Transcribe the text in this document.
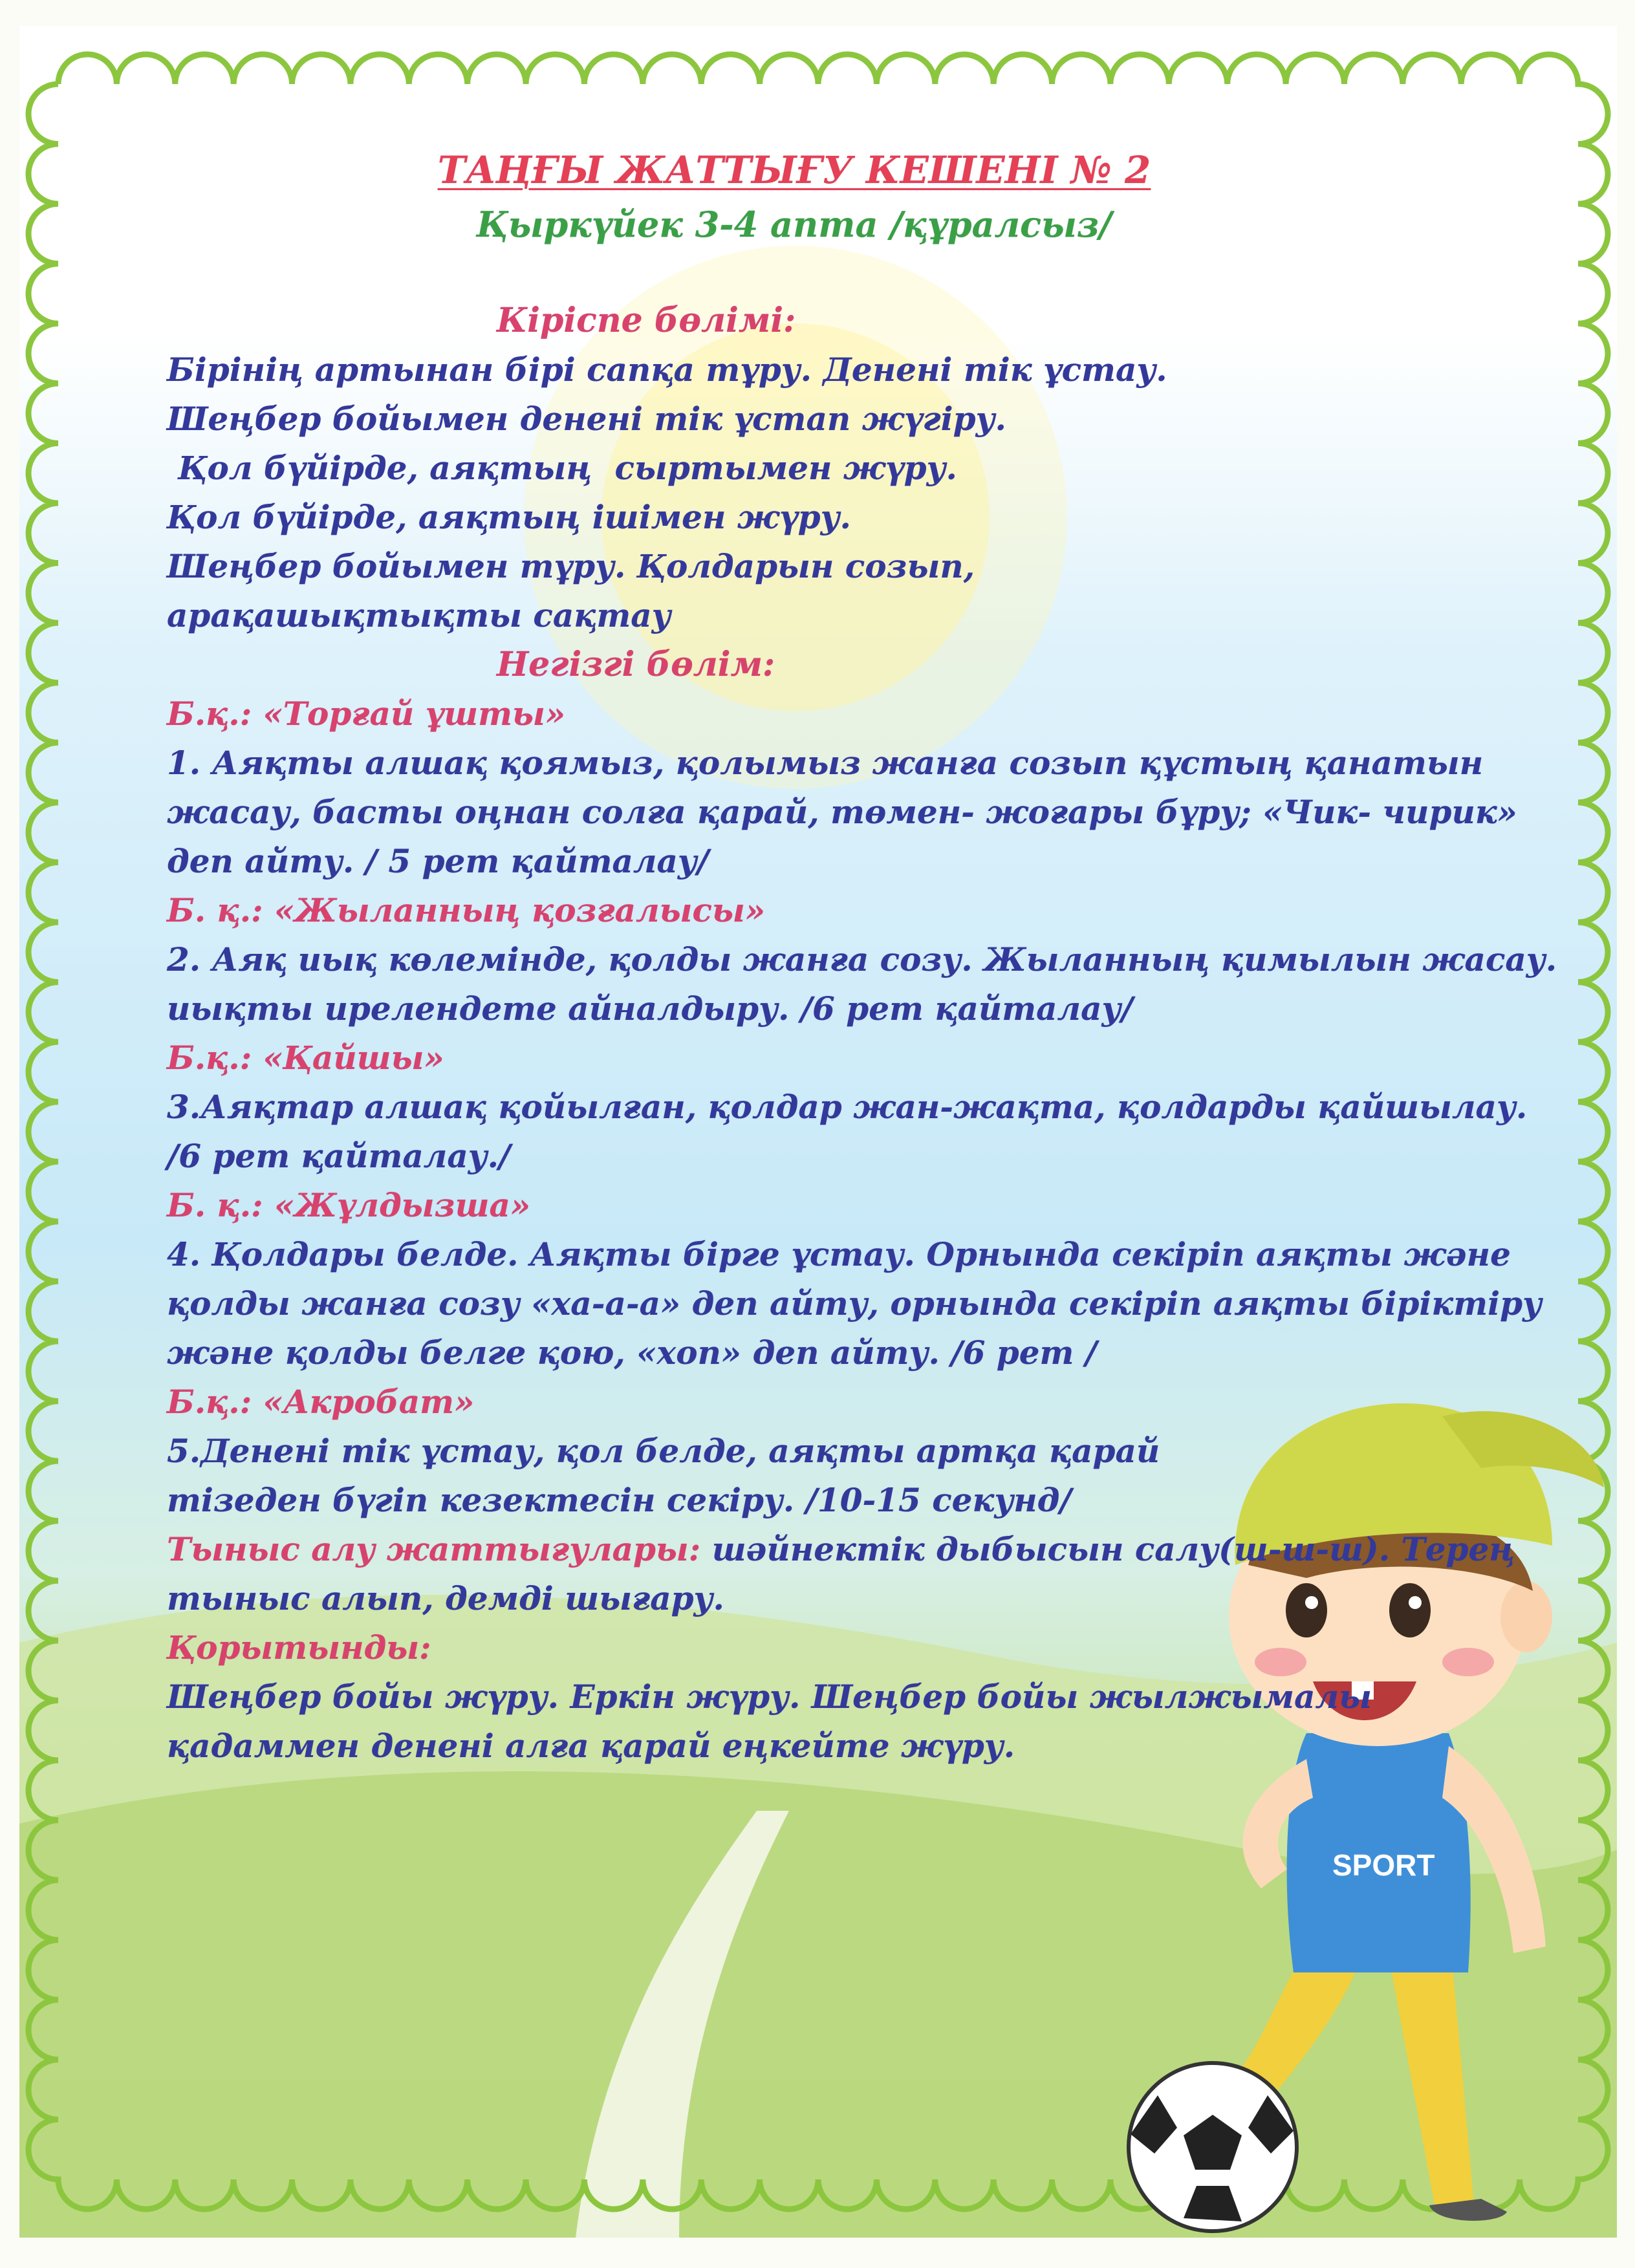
SPORT
ТАҢҒЫ ЖАТТЫҒУ КЕШЕНІ № 2
Қыркүйек 3-4 апта /құралсыз/
Кіріспе бөлімі:
Бірінің артынан бірі сапқа тұру. Денені тік ұстау.
Шеңбер бойымен денені тік ұстап жүгіру.
Қол бүйірде, аяқтың  сыртымен жүру.
Қол бүйірде, аяқтың ішімен жүру.
Шеңбер бойымен тұру. Қолдарын созып,
арақашықтықты сақтау
Негізгі бөлім:
Б.қ.: «Торғай ұшты»
1. Аяқты алшақ қоямыз, қолымыз жанға созып құстың қанатын
жасау, басты оңнан солға қарай, төмен- жоғары бұру; «Чик- чирик»
деп айту. / 5 рет қайталау/
Б. қ.: «Жыланның қозғалысы»
2. Аяқ иық көлемінде, қолды жанға созу. Жыланның қимылын жасау.
иықты ирелендете айналдыру. /6 рет қайталау/
Б.қ.: «Қайшы»
3.Аяқтар алшақ қойылған, қолдар жан-жақта, қолдарды қайшылау.
/6 рет қайталау./
Б. қ.: «Жұлдызша»
4. Қолдары белде. Аяқты бірге ұстау. Орнында секіріп аяқты және
қолды жанға созу «ха-а-а» деп айту, орнында секіріп аяқты біріктіру
және қолды белге қою, «хоп» деп айту. /6 рет /
Б.қ.: «Акробат»
5.Денені тік ұстау, қол белде, аяқты артқа қарай
тізеден бүгіп кезектесін секіру. /10-15 секунд/
Тыныс алу жаттығулары: шәйнектік дыбысын салу(ш-ш-ш). Терең
тыныс алып, демді шығару.
Қорытынды:
Шеңбер бойы жүру. Еркін жүру. Шеңбер бойы жылжымалы
қадаммен денені алға қарай еңкейте жүру.
